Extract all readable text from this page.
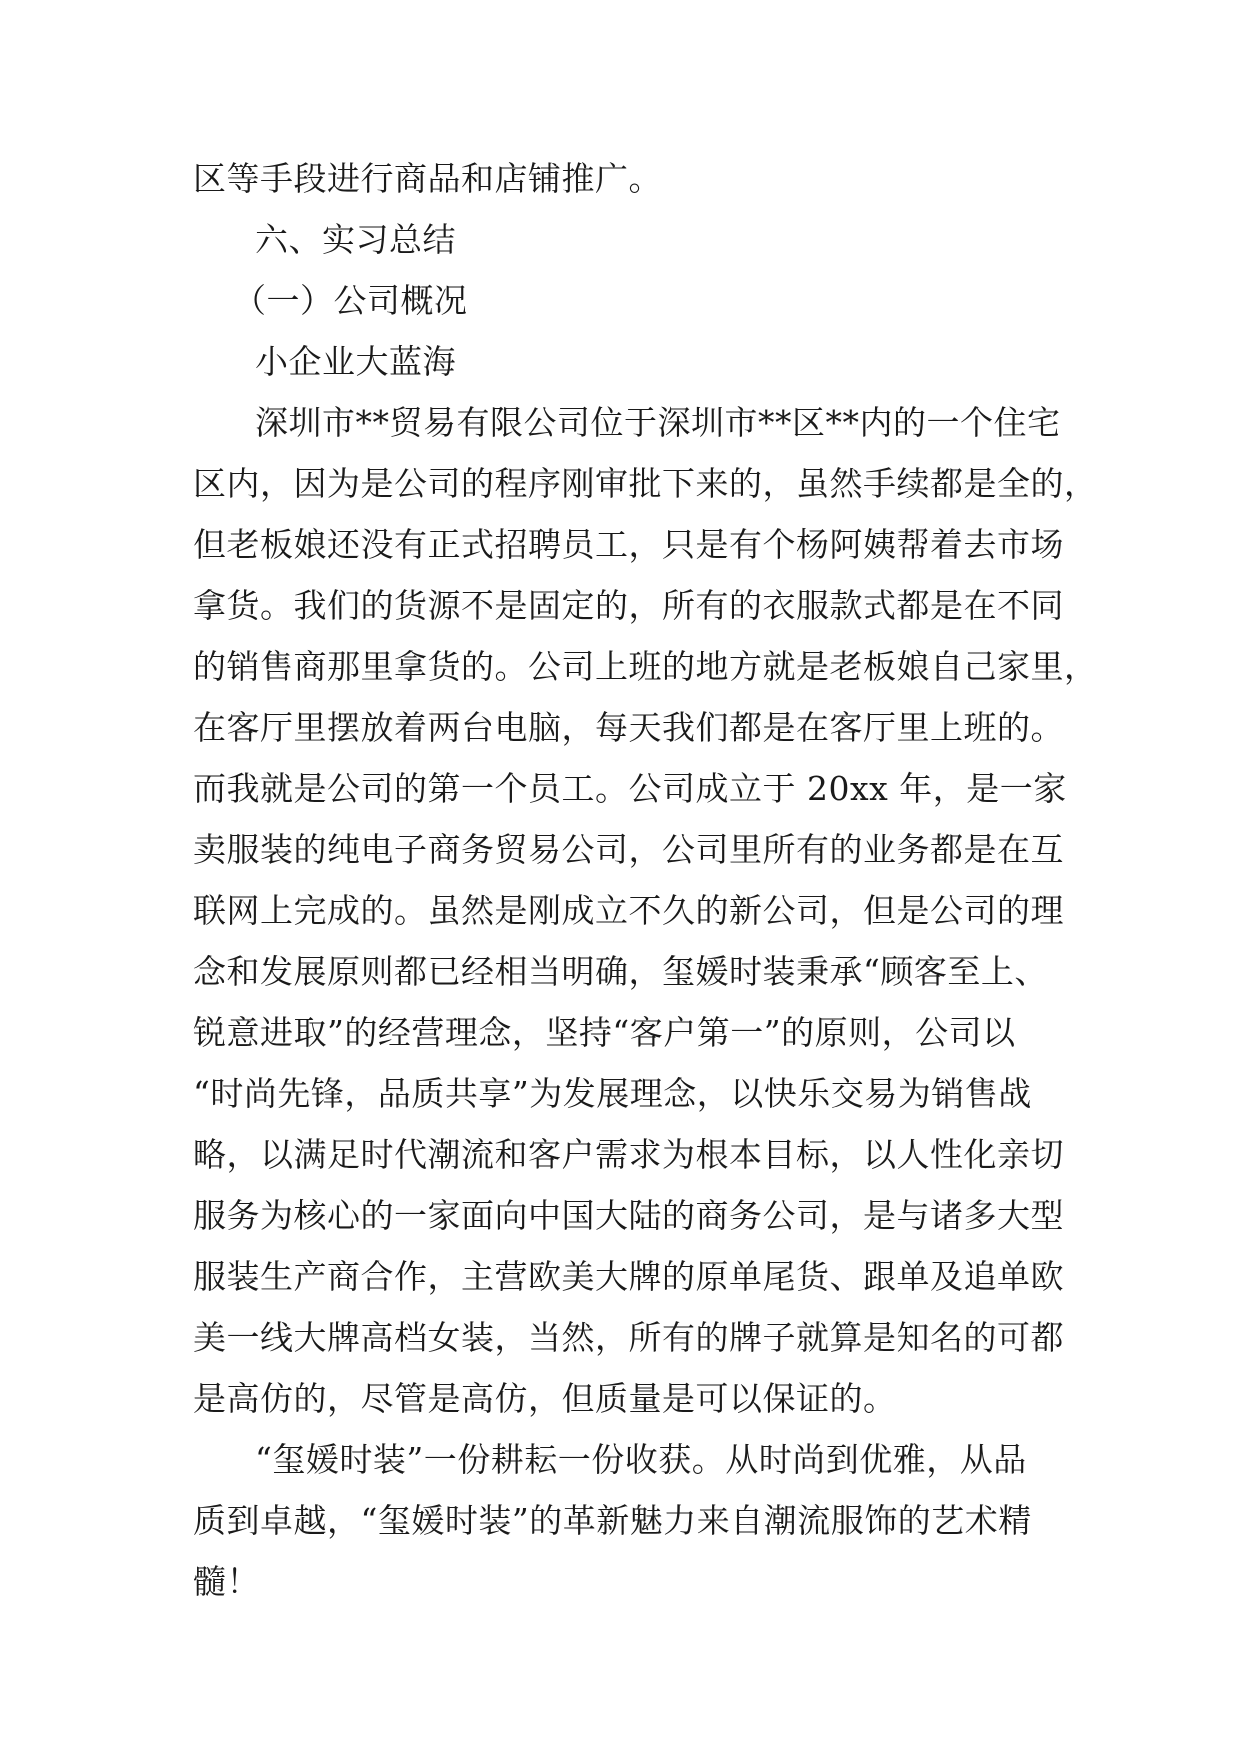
区等手段进行商品和店铺推广。
六、实习总结
（一）公司概况
小企业大蓝海
深圳市**贸易有限公司位于深圳市**区**内的一个住宅
区内，因为是公司的程序刚审批下来的，虽然手续都是全的，
但老板娘还没有正式招聘员工，只是有个杨阿姨帮着去市场
拿货。我们的货源不是固定的，所有的衣服款式都是在不同
的销售商那里拿货的。公司上班的地方就是老板娘自己家里，
在客厅里摆放着两台电脑，每天我们都是在客厅里上班的。
而我就是公司的第一个员工。公司成立于 20xx 年，是一家
卖服装的纯电子商务贸易公司，公司里所有的业务都是在互
联网上完成的。虽然是刚成立不久的新公司，但是公司的理
念和发展原则都已经相当明确，玺媛时装秉承“顾客至上、
锐意进取”的经营理念，坚持“客户第一”的原则，公司以
“时尚先锋，品质共享”为发展理念，以快乐交易为销售战
略，以满足时代潮流和客户需求为根本目标，以人性化亲切
服务为核心的一家面向中国大陆的商务公司，是与诸多大型
服装生产商合作，主营欧美大牌的原单尾货、跟单及追单欧
美一线大牌高档女装，当然，所有的牌子就算是知名的可都
是高仿的，尽管是高仿，但质量是可以保证的。
“玺媛时装”一份耕耘一份收获。从时尚到优雅，从品
质到卓越，“玺媛时装”的革新魅力来自潮流服饰的艺术精
髓！
